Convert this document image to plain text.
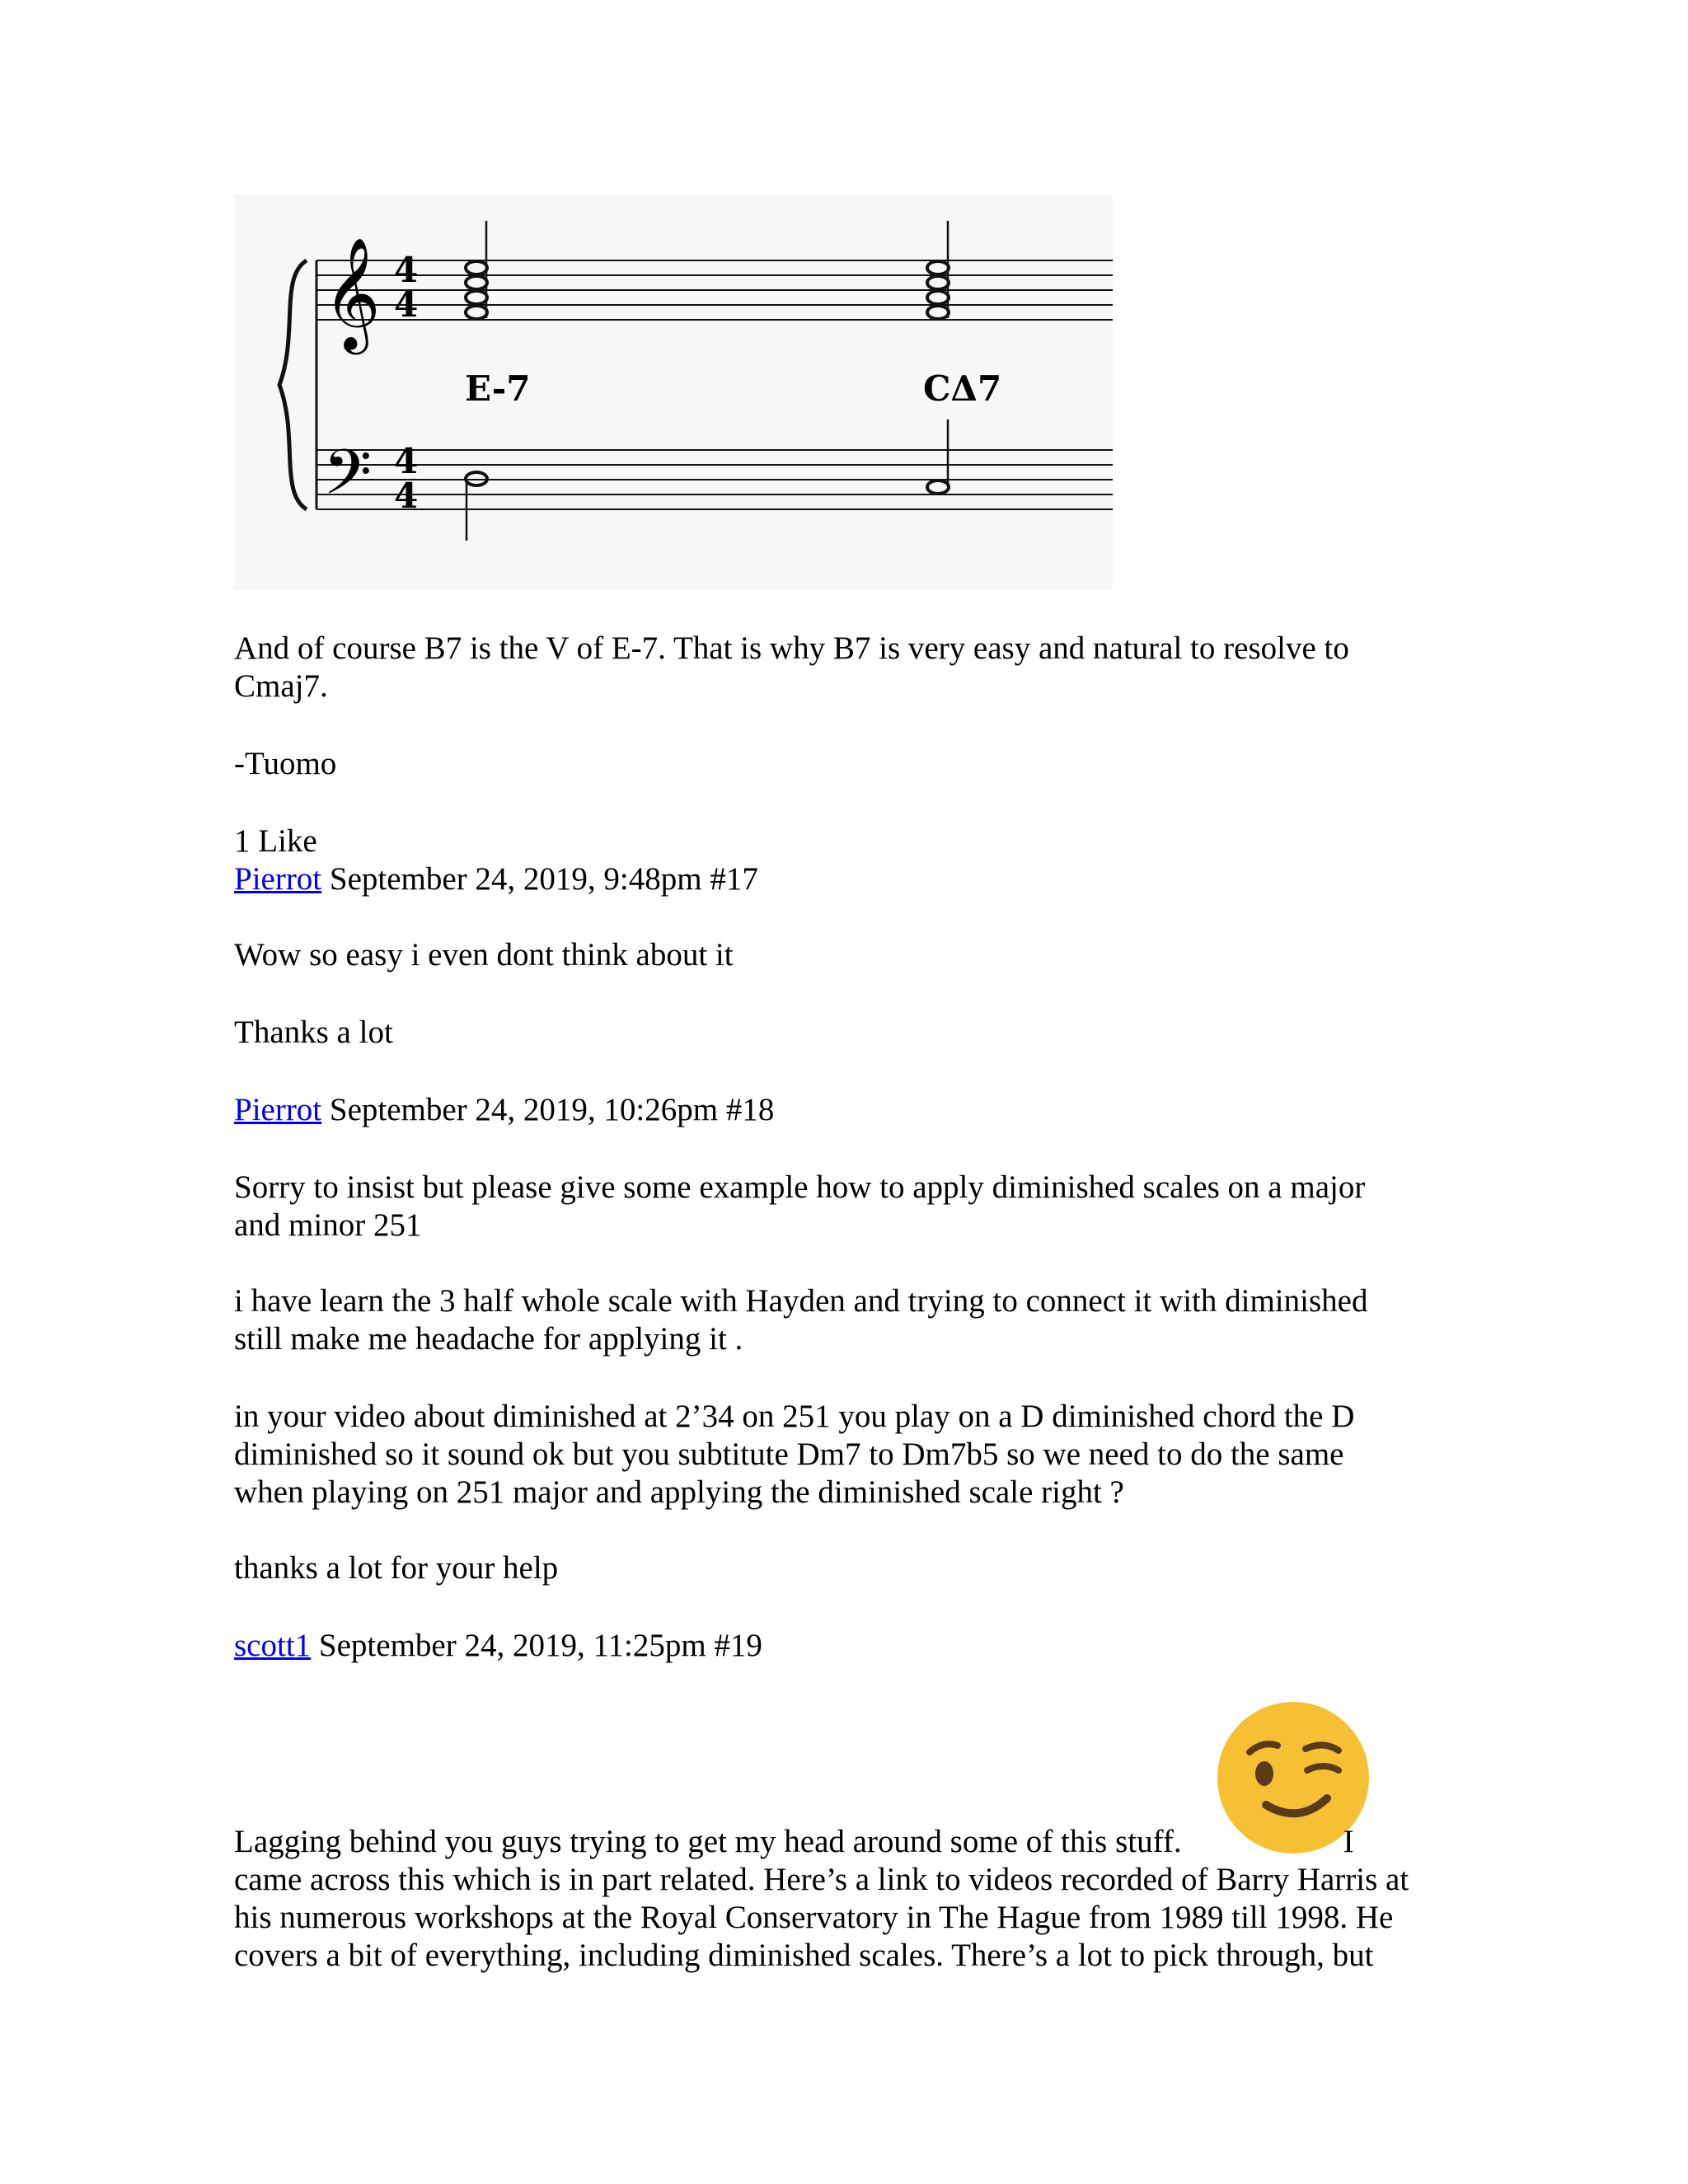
𝄞
𝄢
4
4
4
4
E-7	CΔ7
And of course B7 is the V of E-7. That is why B7 is very easy and natural to resolve to
Cmaj7.
-Tuomo
1 Like
Pierrot September 24, 2019, 9:48pm #17
Wow so easy i even dont think about it
Thanks a lot
Pierrot September 24, 2019, 10:26pm #18
Sorry to insist but please give some example how to apply diminished scales on a major
and minor 251
i have learn the 3 half whole scale with Hayden and trying to connect it with diminished
still make me headache for applying it .
in your video about diminished at 2’34 on 251 you play on a D diminished chord the D
diminished so it sound ok but you subtitute Dm7 to Dm7b5 so we need to do the same
when playing on 251 major and applying the diminished scale right ?
thanks a lot for your help
scott1 September 24, 2019, 11:25pm #19
Lagging behind you guys trying to get my head around some of this stuff.	I
came across this which is in part related. Here’s a link to videos recorded of Barry Harris at
his numerous workshops at the Royal Conservatory in The Hague from 1989 till 1998. He
covers a bit of everything, including diminished scales. There’s a lot to pick through, but
